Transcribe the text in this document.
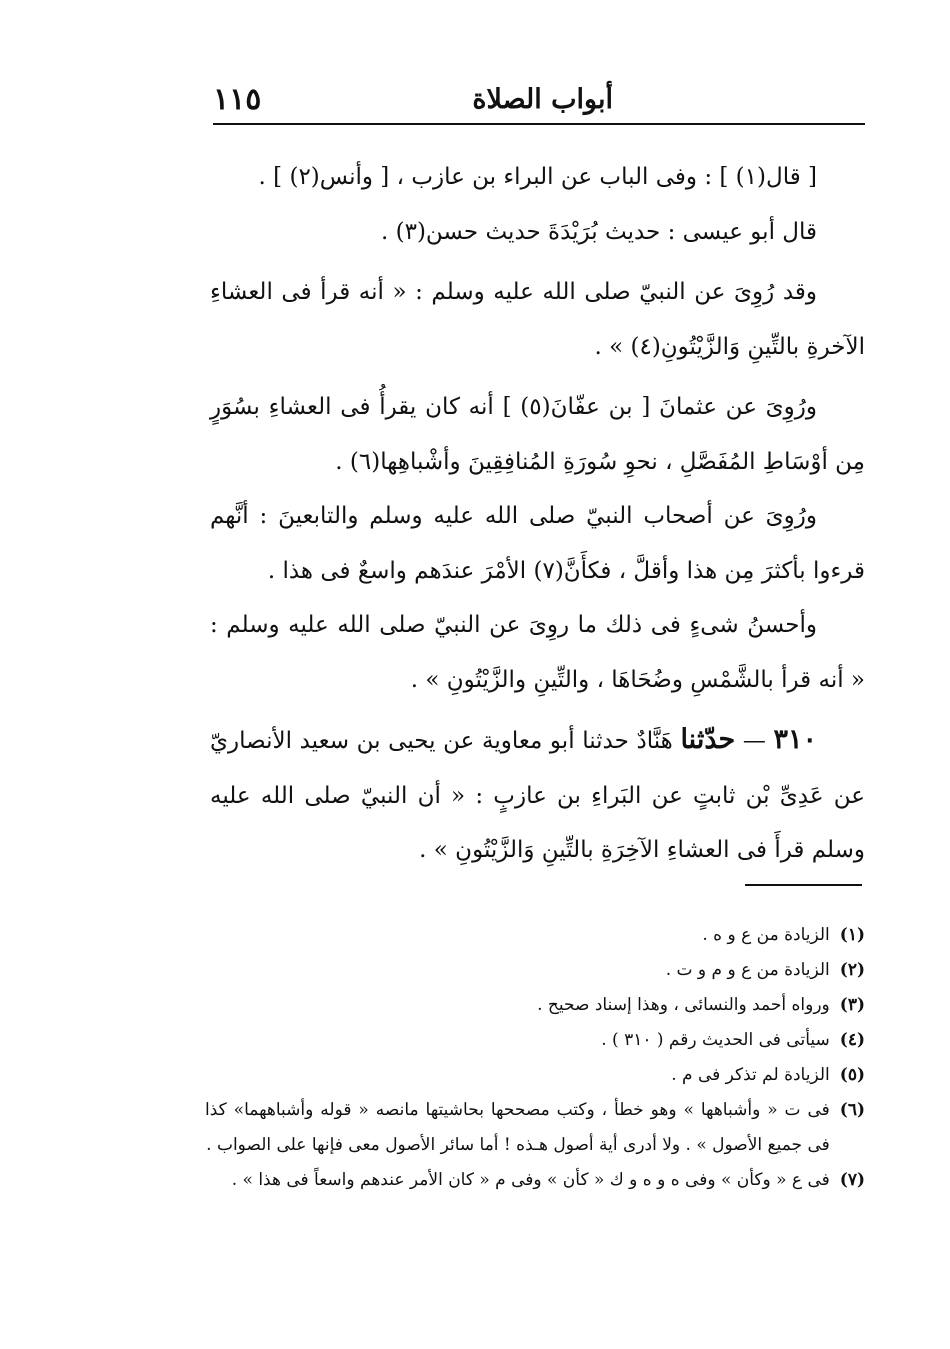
١١٥	أبواب الصلاة

[ قال(١) ] : وفى الباب عن البراء بن عازب ، [ وأنس(٢) ] .

قال أبو عيسى : حديث بُرَيْدَةَ حديث حسن(٣) .

وقد رُوِىَ عن النبيّ صلى الله عليه وسلم : « أنه قرأ فى العشاءِ الآخرةِ بالتِّينِ وَالزَّيْتُونِ(٤) » .

ورُوِىَ عن عثمانَ [ بن عفّانَ(٥) ] أنه كان يقرأُ فى العشاءِ بسُوَرٍ مِن أوْسَاطِ المُفَصَّلِ ، نحوِ سُورَةِ المُنافِقِينَ وأشْباهِها(٦) .

ورُوِىَ عن أصحاب النبيّ صلى الله عليه وسلم والتابعينَ : أنَّهم قرءوا بأكثرَ مِن هذا وأقلَّ ، فكأَنَّ(٧) الأمْرَ عندَهم واسعٌ فى هذا .

وأحسنُ شىءٍ فى ذلك ما روِىَ عن النبيّ صلى الله عليه وسلم : « أنه قرأ بالشَّمْسِ وضُحَاهَا ، والتِّينِ والزَّيْتُونِ » .

٣١٠ — حدّثنا هَنَّادٌ حدثنا أبو معاوية عن يحيى بن سعيد الأنصاريّ عن عَدِىِّ بْن ثابتٍ عن البَراءِ بن عازبٍ : « أن النبيّ صلى الله عليه وسلم قرأَ فى العشاءِ الآخِرَةِ بالتِّينِ وَالزَّيْتُونِ » .

(١)
الزيادة من ع و ه .
(٢)
الزيادة من ع و م و ت .
(٣)
ورواه أحمد والنسائى ، وهذا إسناد صحيح .
(٤)
سيأتى فى الحديث رقم ( ٣١٠ ) .
(٥)
الزيادة لم تذكر فى م .
(٦)
فى ت « وأشباهها » وهو خطأ ، وكتب مصححها بحاشيتها مانصه « قوله وأشباههما» كذا فى جميع الأصول » . ولا أدرى أية أصول هـذه ! أما سائر الأصول معى فإنها على الصواب .
(٧)
فى ع « وكأن » وفى ه و ه و ك « كأن » وفى م « كان الأمر عندهم واسعاً فى هذا » .
